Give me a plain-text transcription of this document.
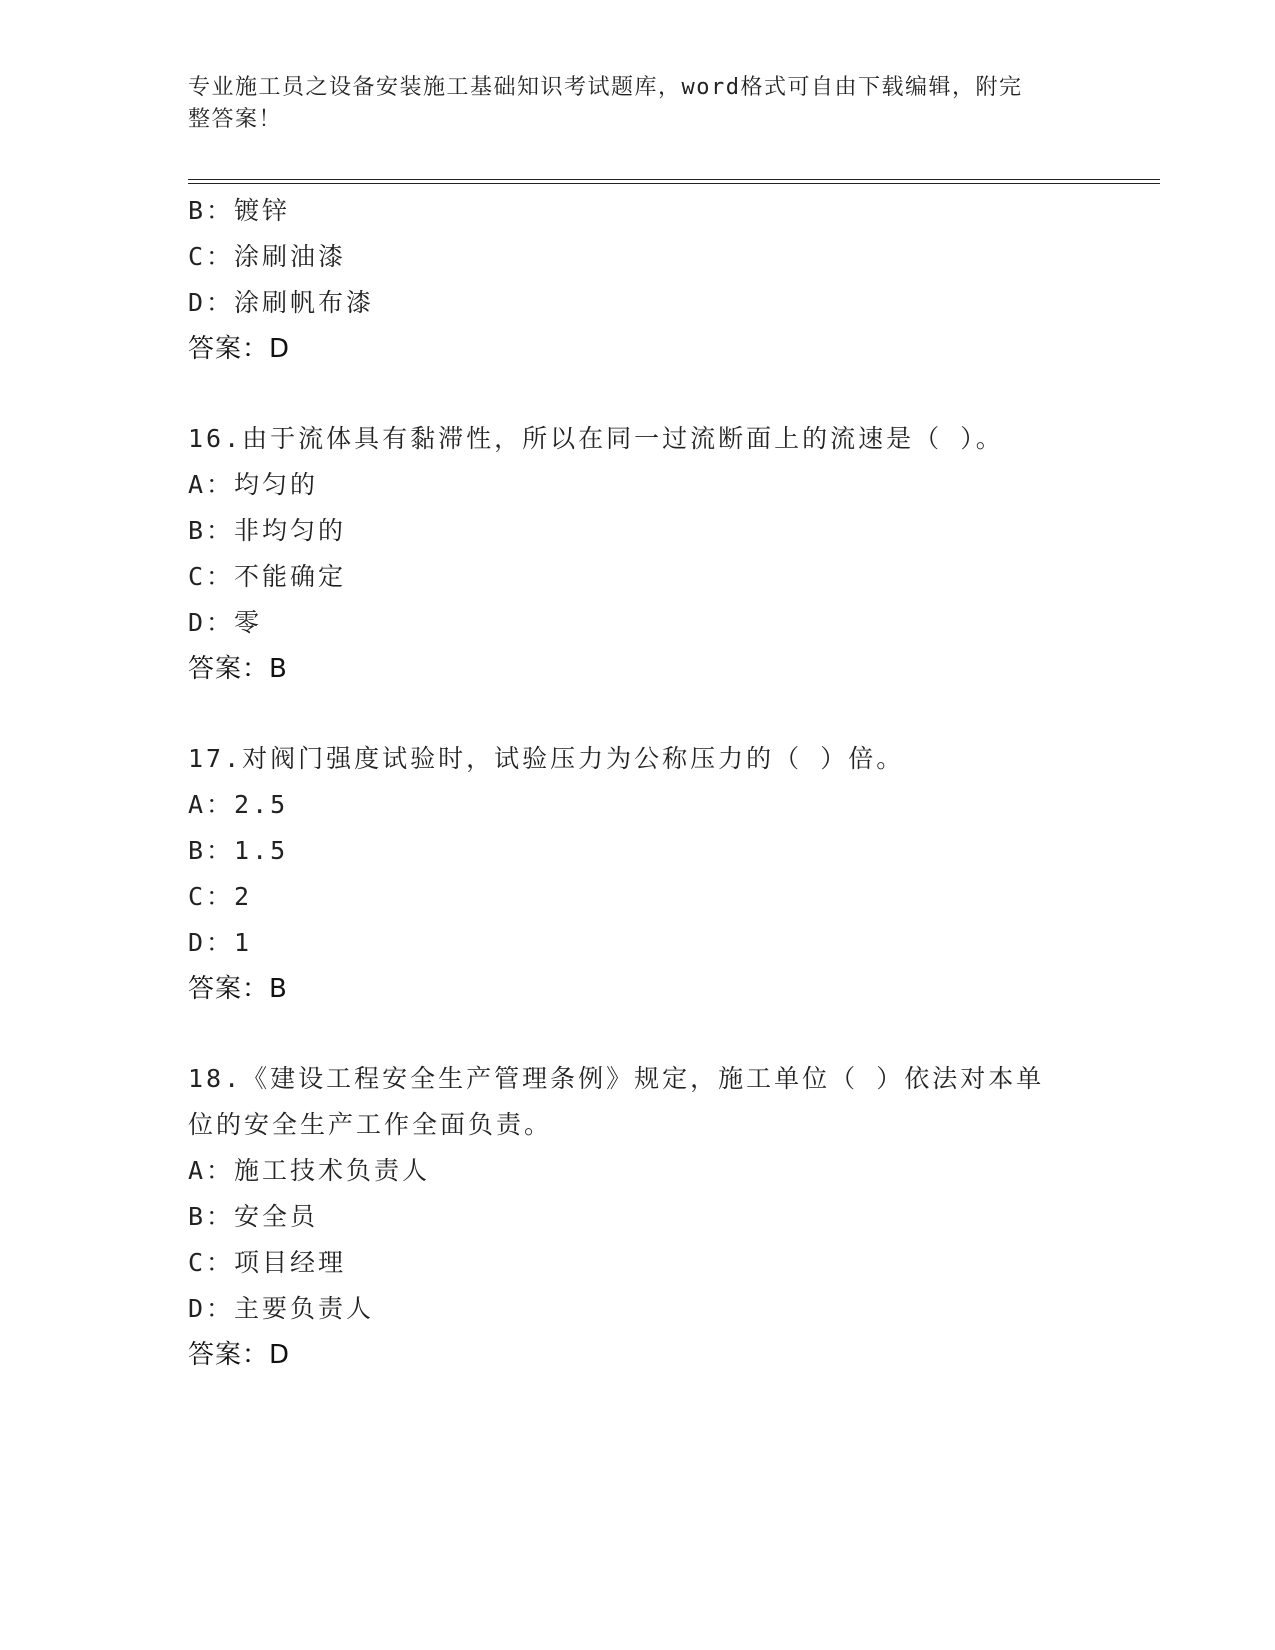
专业施工员之设备安装施工基础知识考试题库，word格式可自由下载编辑，附完
整答案！
B：镀锌
C：涂刷油漆
D：涂刷帆布漆
答案：D
16.由于流体具有黏滞性，所以在同一过流断面上的流速是（ ）。
A：均匀的
B：非均匀的
C：不能确定
D：零
答案：B
17.对阀门强度试验时，试验压力为公称压力的（ ）倍。
A：2.5
B：1.5
C：2
D：1
答案：B
18.《建设工程安全生产管理条例》规定，施工单位（ ）依法对本单位的安全生产工作全面负责。
A：施工技术负责人
B：安全员
C：项目经理
D：主要负责人
答案：D
